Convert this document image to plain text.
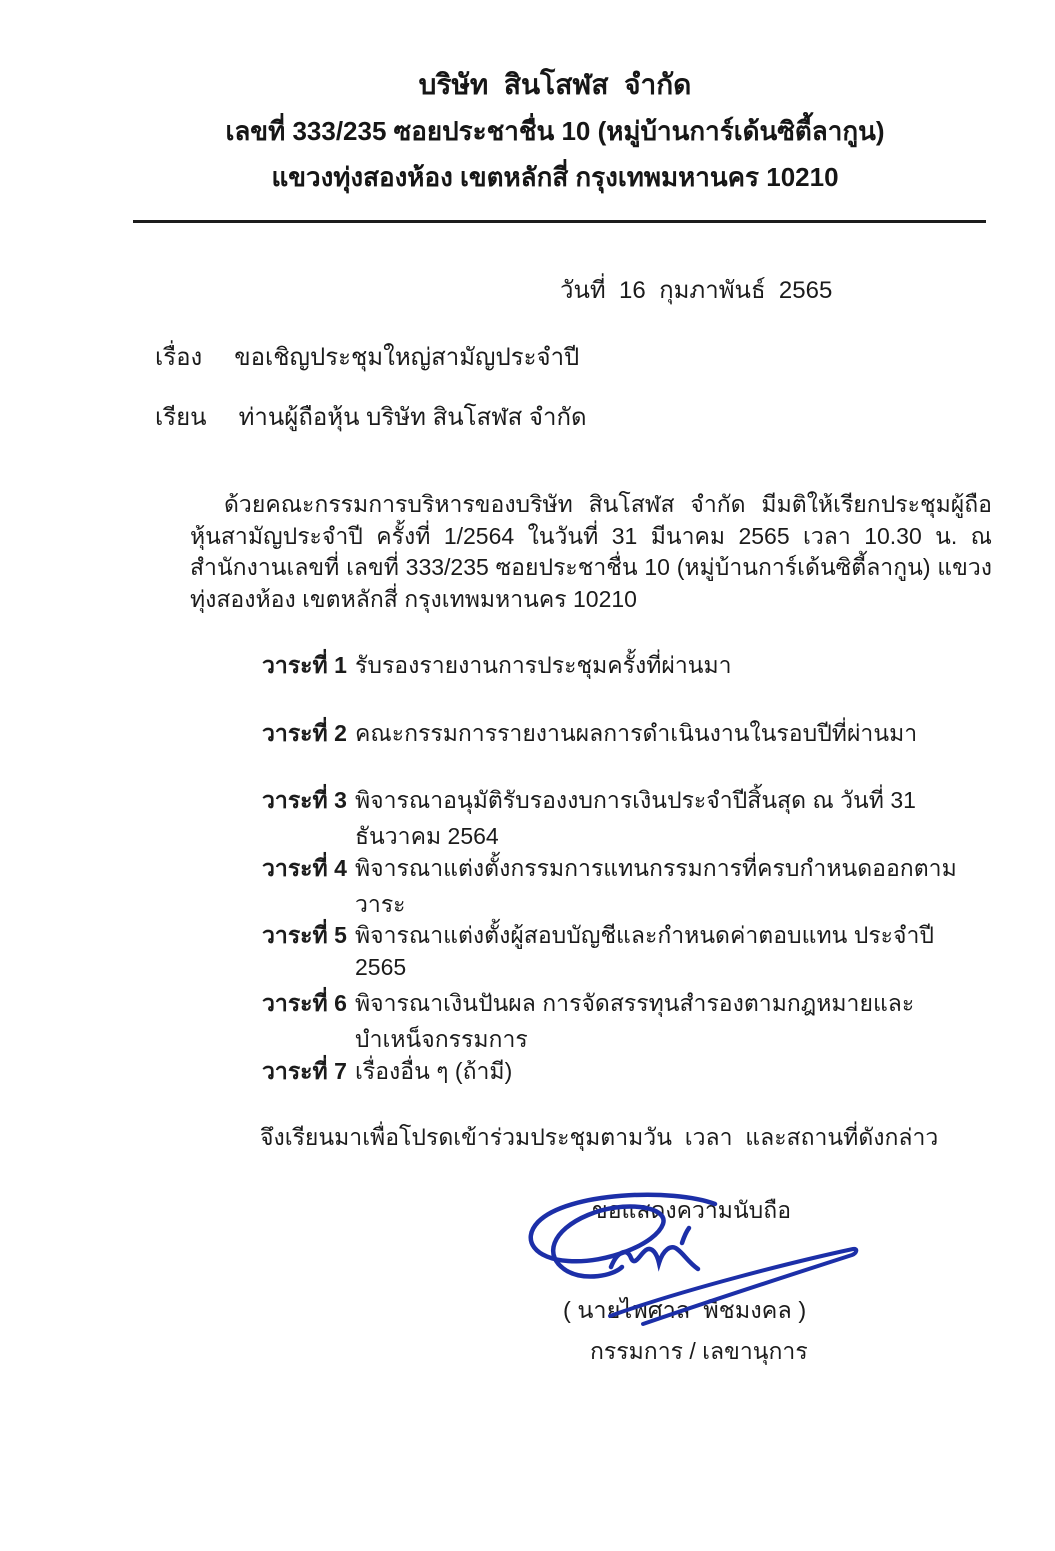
บริษัท  สินโสฬส  จำกัด
เลขที่ 333/235 ซอยประชาชื่น 10 (หมู่บ้านการ์เด้นซิตี้ลากูน)
แขวงทุ่งสองห้อง เขตหลักสี่ กรุงเทพมหานคร 10210
วันที่  16  กุมภาพันธ์  2565
เรื่อง ขอเชิญประชุมใหญ่สามัญประจำปี
เรียน ท่านผู้ถือหุ้น บริษัท สินโสฬส จำกัด
ด้วยคณะกรรมการบริหารของบริษัท สินโสฬส จำกัด มีมติให้เรียกประชุมผู้ถือหุ้นสามัญประจำปี ครั้งที่ 1/2564 ในวันที่ 31 มีนาคม 2565 เวลา 10.30 น. ณ สำนักงานเลขที่ เลขที่ 333/235 ซอยประชาชื่น 10 (หมู่บ้านการ์เด้นซิตี้ลากูน) แขวงทุ่งสองห้อง เขตหลักสี่ กรุงเทพมหานคร 10210
วาระที่ 1 รับรองรายงานการประชุมครั้งที่ผ่านมา
วาระที่ 2 คณะกรรมการรายงานผลการดำเนินงานในรอบปีที่ผ่านมา
วาระที่ 3 พิจารณาอนุมัติรับรองงบการเงินประจำปีสิ้นสุด ณ วันที่ 31 ธันวาคม 2564
วาระที่ 4 พิจารณาแต่งตั้งกรรมการแทนกรรมการที่ครบกำหนดออกตามวาระ
วาระที่ 5 พิจารณาแต่งตั้งผู้สอบบัญชีและกำหนดค่าตอบแทน ประจำปี 2565
วาระที่ 6 พิจารณาเงินปันผล การจัดสรรทุนสำรองตามกฎหมายและบำเหน็จกรรมการ
วาระที่ 7 เรื่องอื่น ๆ (ถ้ามี)
จึงเรียนมาเพื่อโปรดเข้าร่วมประชุมตามวัน  เวลา  และสถานที่ดังกล่าว
ขอแสดงความนับถือ
( นายไพศาล  พีชมงคล )
กรรมการ / เลขานุการ
